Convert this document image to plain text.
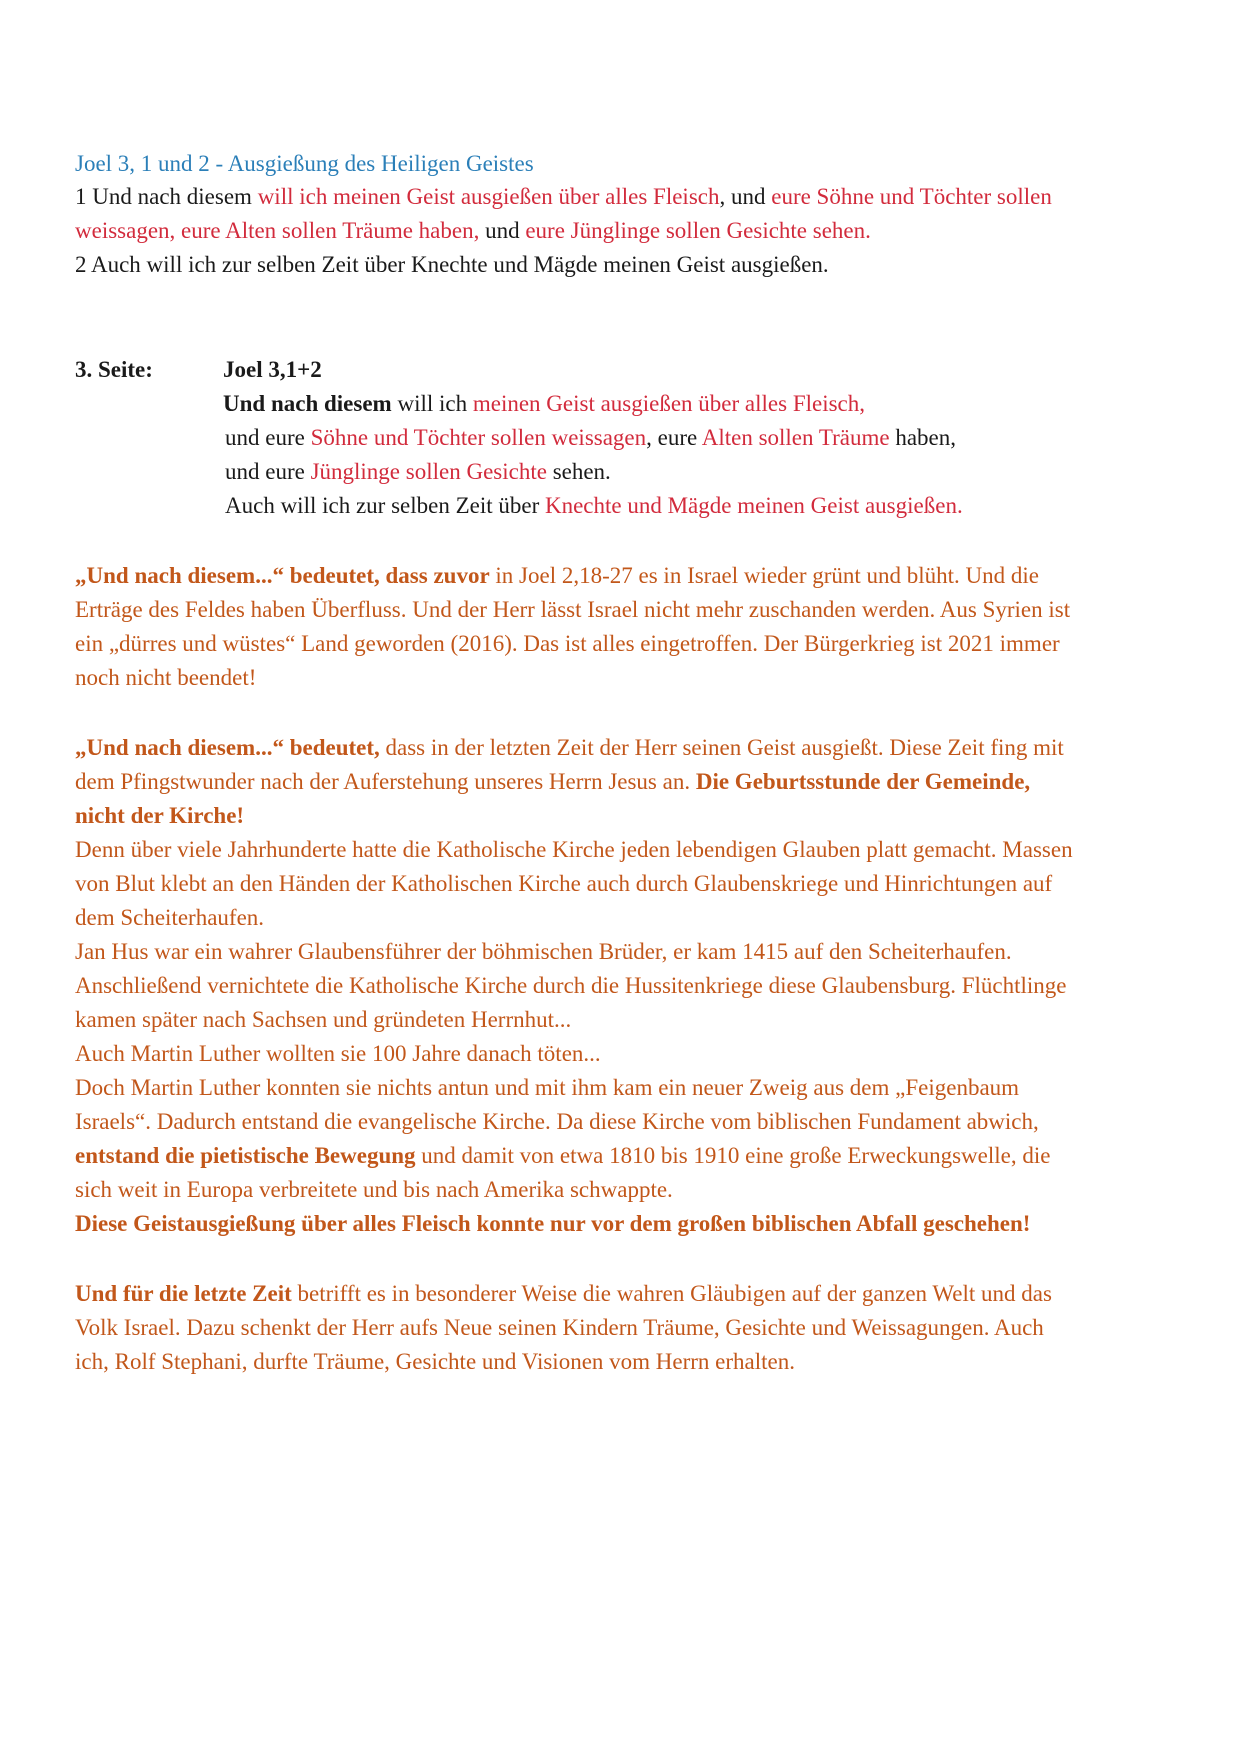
Joel 3, 1 und 2 - Ausgießung des Heiligen Geistes
1 Und nach diesem will ich meinen Geist ausgießen über alles Fleisch, und eure Söhne und Töchter sollen
weissagen, eure Alten sollen Träume haben, und eure Jünglinge sollen Gesichte sehen.
2 Auch will ich zur selben Zeit über Knechte und Mägde meinen Geist ausgießen.
3. Seite:	Joel 3,1+2
Und nach diesem will ich meinen Geist ausgießen über alles Fleisch,
und eure Söhne und Töchter sollen weissagen, eure Alten sollen Träume haben,
und eure Jünglinge sollen Gesichte sehen.
Auch will ich zur selben Zeit über Knechte und Mägde meinen Geist ausgießen.
„Und nach diesem...“ bedeutet, dass zuvor in Joel 2,18-27 es in Israel wieder grünt und blüht. Und die
Erträge des Feldes haben Überfluss. Und der Herr lässt Israel nicht mehr zuschanden werden. Aus Syrien ist
ein „dürres und wüstes“ Land geworden (2016). Das ist alles eingetroffen. Der Bürgerkrieg ist 2021 immer
noch nicht beendet!
„Und nach diesem...“ bedeutet, dass in der letzten Zeit der Herr seinen Geist ausgießt. Diese Zeit fing mit
dem Pfingstwunder nach der Auferstehung unseres Herrn Jesus an. Die Geburtsstunde der Gemeinde,
nicht der Kirche!
Denn über viele Jahrhunderte hatte die Katholische Kirche jeden lebendigen Glauben platt gemacht. Massen
von Blut klebt an den Händen der Katholischen Kirche auch durch Glaubenskriege und Hinrichtungen auf
dem Scheiterhaufen.
Jan Hus war ein wahrer Glaubensführer der böhmischen Brüder, er kam 1415 auf den Scheiterhaufen.
Anschließend vernichtete die Katholische Kirche durch die Hussitenkriege diese Glaubensburg. Flüchtlinge
kamen später nach Sachsen und gründeten Herrnhut...
Auch Martin Luther wollten sie 100 Jahre danach töten...
Doch Martin Luther konnten sie nichts antun und mit ihm kam ein neuer Zweig aus dem „Feigenbaum
Israels“. Dadurch entstand die evangelische Kirche. Da diese Kirche vom biblischen Fundament abwich,
entstand die pietistische Bewegung und damit von etwa 1810 bis 1910 eine große Erweckungswelle, die
sich weit in Europa verbreitete und bis nach Amerika schwappte.
Diese Geistausgießung über alles Fleisch konnte nur vor dem großen biblischen Abfall geschehen!
Und für die letzte Zeit betrifft es in besonderer Weise die wahren Gläubigen auf der ganzen Welt und das
Volk Israel. Dazu schenkt der Herr aufs Neue seinen Kindern Träume, Gesichte und Weissagungen. Auch
ich, Rolf Stephani, durfte Träume, Gesichte und Visionen vom Herrn erhalten.
